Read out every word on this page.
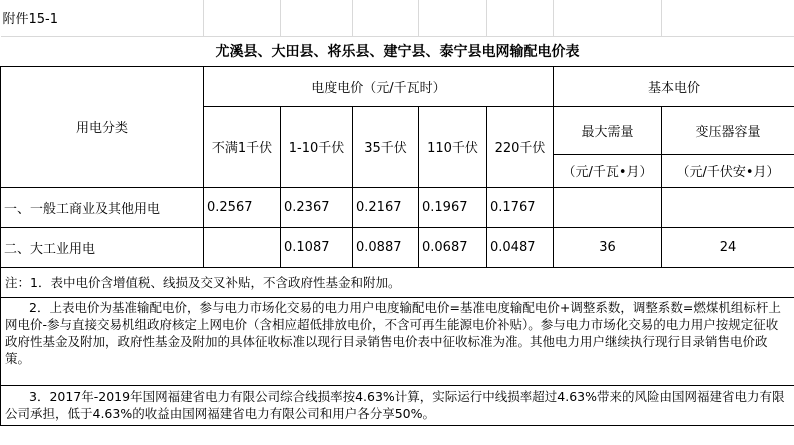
附件15-1							
尤溪县、大田县、将乐县、建宁县、泰宁县电网输配电价表							
用电分类	电度电价（元/千瓦时）					基本电价	
	不满1千伏	1-10千伏	35千伏	110千伏	220千伏	最大需量	变压器容量
						（元/千瓦•月）	（元/千伏安•月）
一、一般工商业及其他用电	0.2567	0.2367	0.2167	0.1967	0.1767		
二、大工业用电		0.1087	0.0887	0.0687	0.0487	36	24

注：1．表中电价含增值税、线损及交叉补贴，不含政府性基金和附加。							

2．上表电价为基准输配电价，参与电力市场化交易的电力用户电度输配电价=基准电度输配电价+调整系数，调整系数=燃煤机组标杆上网电价-参与直接交易机组政府核定上网电价（含相应超低排放电价，不含可再生能源电价补贴）。参与电力市场化交易的电力用户按规定征收政府性基金及附加，政府性基金及附加的具体征收标准以现行目录销售电价表中征收标准为准。其他电力用户继续执行现行目录销售电价政策。							

3．2017年-2019年国网福建省电力有限公司综合线损率按4.63%计算，实际运行中线损率超过4.63%带来的风险由国网福建省电力有限公司承担，低于4.63%的收益由国网福建省电力有限公司和用户各分享50%。							
